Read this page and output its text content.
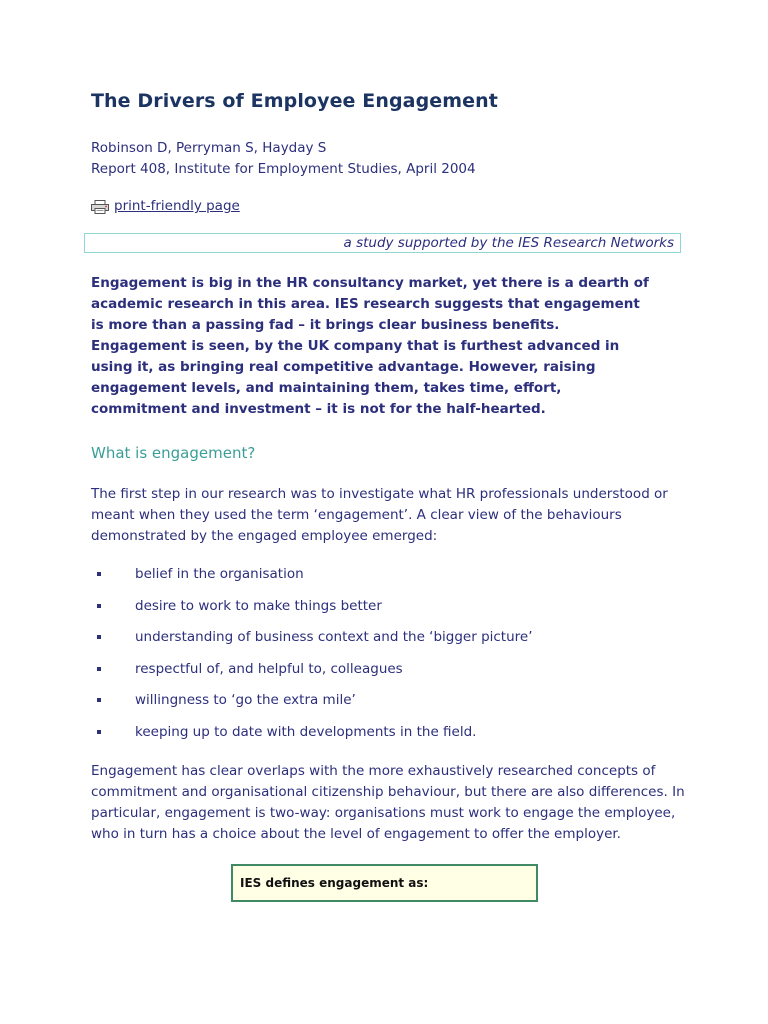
The Drivers of Employee Engagement

Robinson D, Perryman S, Hayday S

Report 408, Institute for Employment Studies, April 2004

print-friendly page
a study supported by the IES Research Networks

Engagement is big in the HR consultancy market, yet there is a dearth of academic research in this area. IES research suggests that engagement is more than a passing fad – it brings clear business benefits. Engagement is seen, by the UK company that is furthest advanced in using it, as bringing real competitive advantage. However, raising engagement levels, and maintaining them, takes time, effort, commitment and investment – it is not for the half-hearted.

What is engagement?

The first step in our research was to investigate what HR professionals understood or meant when they used the term ‘engagement’. A clear view of the behaviours demonstrated by the engaged employee emerged:

belief in the organisation
desire to work to make things better
understanding of business context and the ‘bigger picture’
respectful of, and helpful to, colleagues
willingness to ‘go the extra mile’
keeping up to date with developments in the field.

Engagement has clear overlaps with the more exhaustively researched concepts of commitment and organisational citizenship behaviour, but there are also differences. In particular, engagement is two-way: organisations must work to engage the employee, who in turn has a choice about the level of engagement to offer the employer.

IES defines engagement as:
